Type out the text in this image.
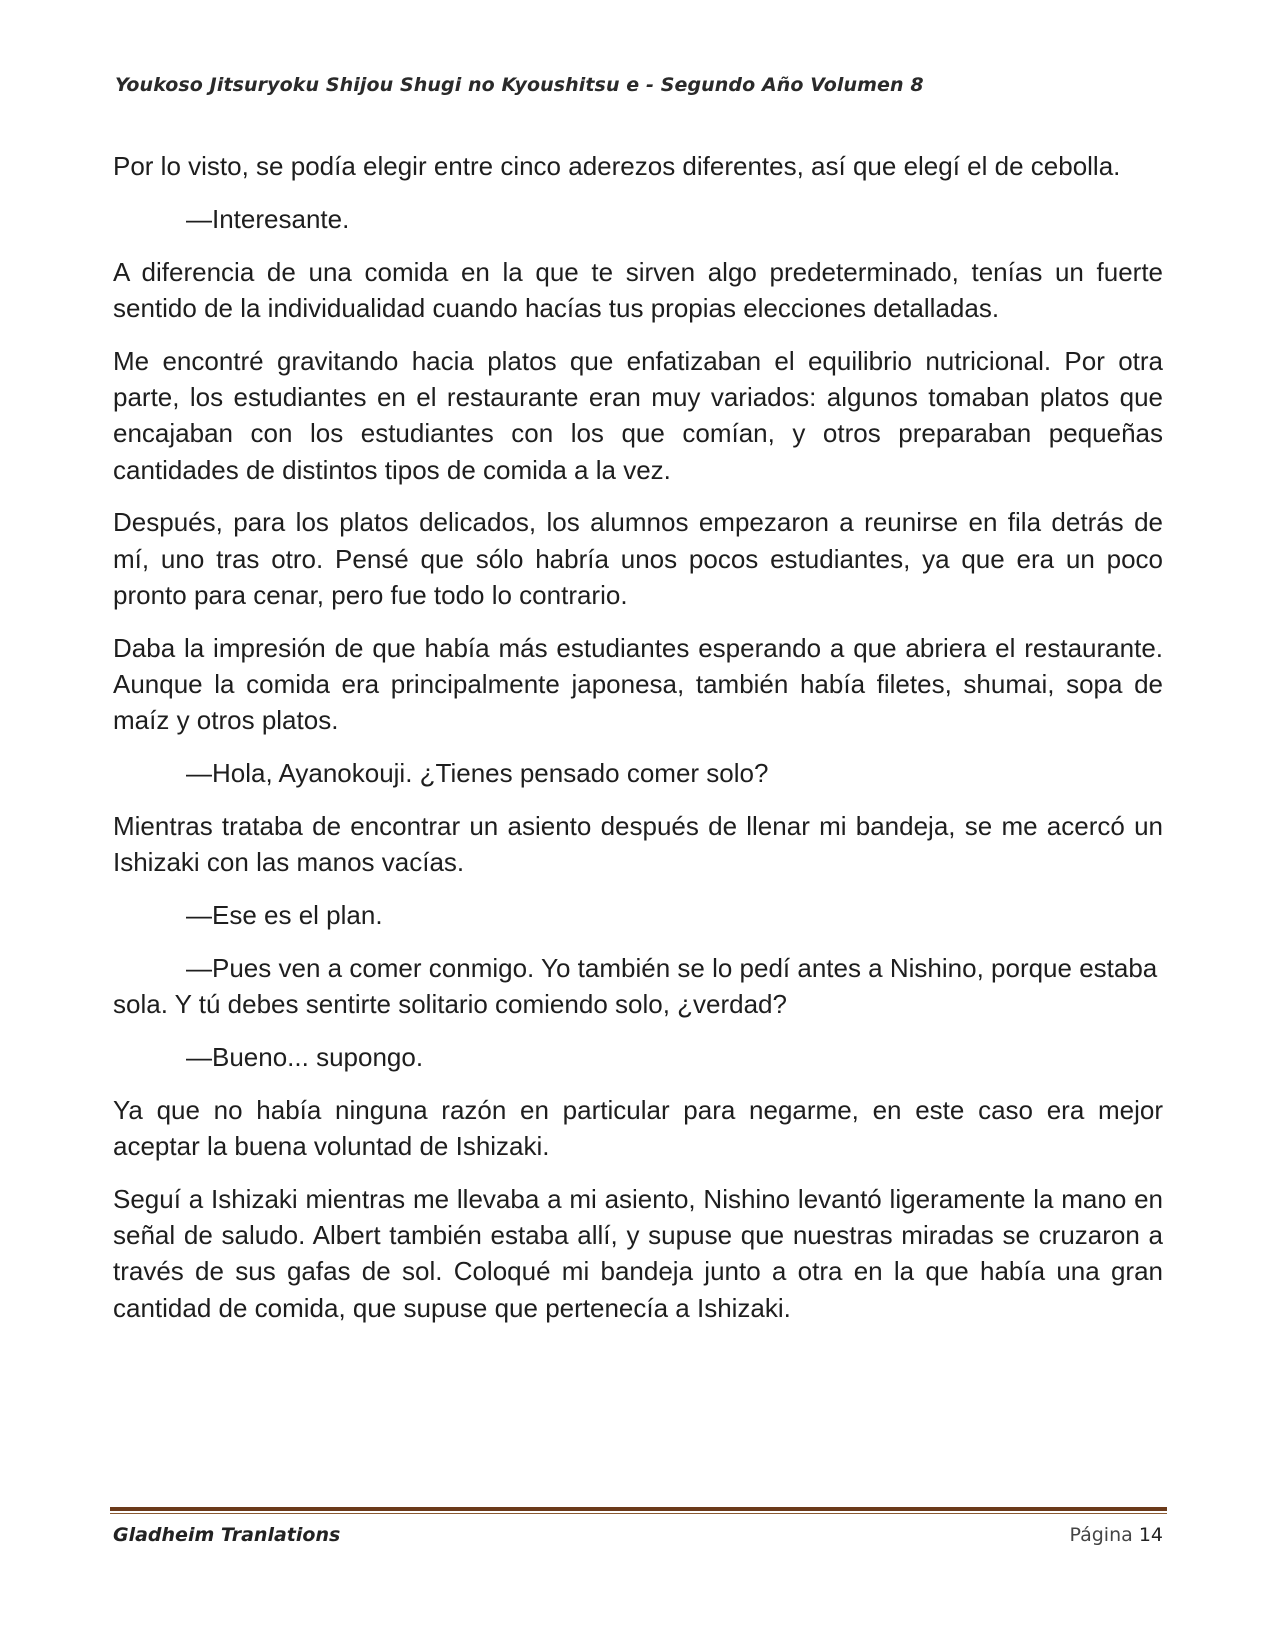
Youkoso Jitsuryoku Shijou Shugi no Kyoushitsu e - Segundo Año Volumen 8

Por lo visto, se podía elegir entre cinco aderezos diferentes, así que elegí el de cebolla.

—Interesante.

A diferencia de una comida en la que te sirven algo predeterminado, tenías un fuerte sentido de la individualidad cuando hacías tus propias elecciones detalladas.

Me encontré gravitando hacia platos que enfatizaban el equilibrio nutricional. Por otra parte, los estudiantes en el restaurante eran muy variados: algunos tomaban platos que encajaban con los estudiantes con los que comían, y otros preparaban pequeñas cantidades de distintos tipos de comida a la vez.

Después, para los platos delicados, los alumnos empezaron a reunirse en fila detrás de mí, uno tras otro. Pensé que sólo habría unos pocos estudiantes, ya que era un poco pronto para cenar, pero fue todo lo contrario.

Daba la impresión de que había más estudiantes esperando a que abriera el restaurante. Aunque la comida era principalmente japonesa, también había filetes, shumai, sopa de maíz y otros platos.

—Hola, Ayanokouji. ¿Tienes pensado comer solo?

Mientras trataba de encontrar un asiento después de llenar mi bandeja, se me acercó un Ishizaki con las manos vacías.

—Ese es el plan.

—Pues ven a comer conmigo. Yo también se lo pedí antes a Nishino, porque estaba sola. Y tú debes sentirte solitario comiendo solo, ¿verdad?

—Bueno... supongo.

Ya que no había ninguna razón en particular para negarme, en este caso era mejor aceptar la buena voluntad de Ishizaki.

Seguí a Ishizaki mientras me llevaba a mi asiento, Nishino levantó ligeramente la mano en señal de saludo. Albert también estaba allí, y supuse que nuestras miradas se cruzaron a través de sus gafas de sol. Coloqué mi bandeja junto a otra en la que había una gran cantidad de comida, que supuse que pertenecía a Ishizaki.

Gladheim Tranlations	Página 14
